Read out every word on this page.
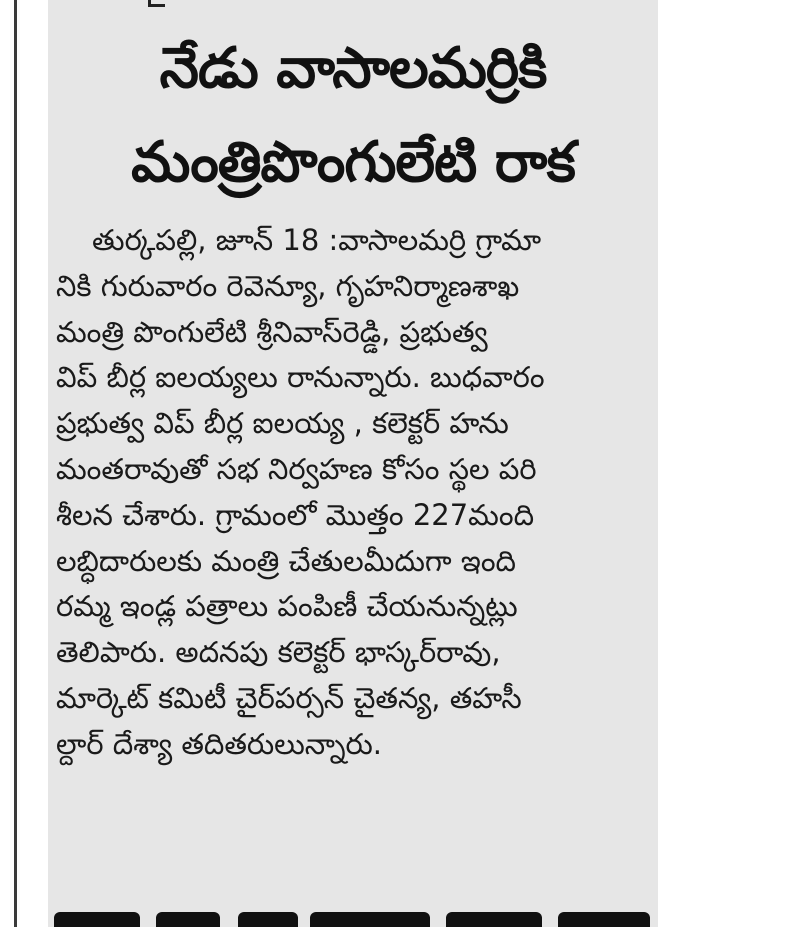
నేడు వాసాలమర్రికి
మంత్రిపొంగులేటి రాక
తుర్కపల్లి, జూన్ 18 :వాసాలమర్రి గ్రామా
నికి గురువారం రెవెన్యూ, గృహనిర్మాణశాఖ
మంత్రి పొంగులేటి శ్రీనివాస్‌రెడ్డి, ప్రభుత్వ
విప్ బీర్ల ఐలయ్యలు రానున్నారు. బుధవారం
ప్రభుత్వ విప్ బీర్ల ఐలయ్య , కలెక్టర్ హను
మంతరావుతో సభ నిర్వహణ కోసం స్థల పరి
శీలన చేశారు. గ్రామంలో మొత్తం 227మంది
లబ్ధిదారులకు మంత్రి చేతులమీదుగా ఇంది
రమ్మ ఇండ్ల పత్రాలు పంపిణీ చేయనున్నట్లు
తెలిపారు. అదనపు కలెక్టర్ భాస్కర్‌రావు,
మార్కెట్ కమిటీ చైర్‌పర్సన్ చైతన్య, తహసీ
ల్దార్ దేశ్యా తదితరులున్నారు.
